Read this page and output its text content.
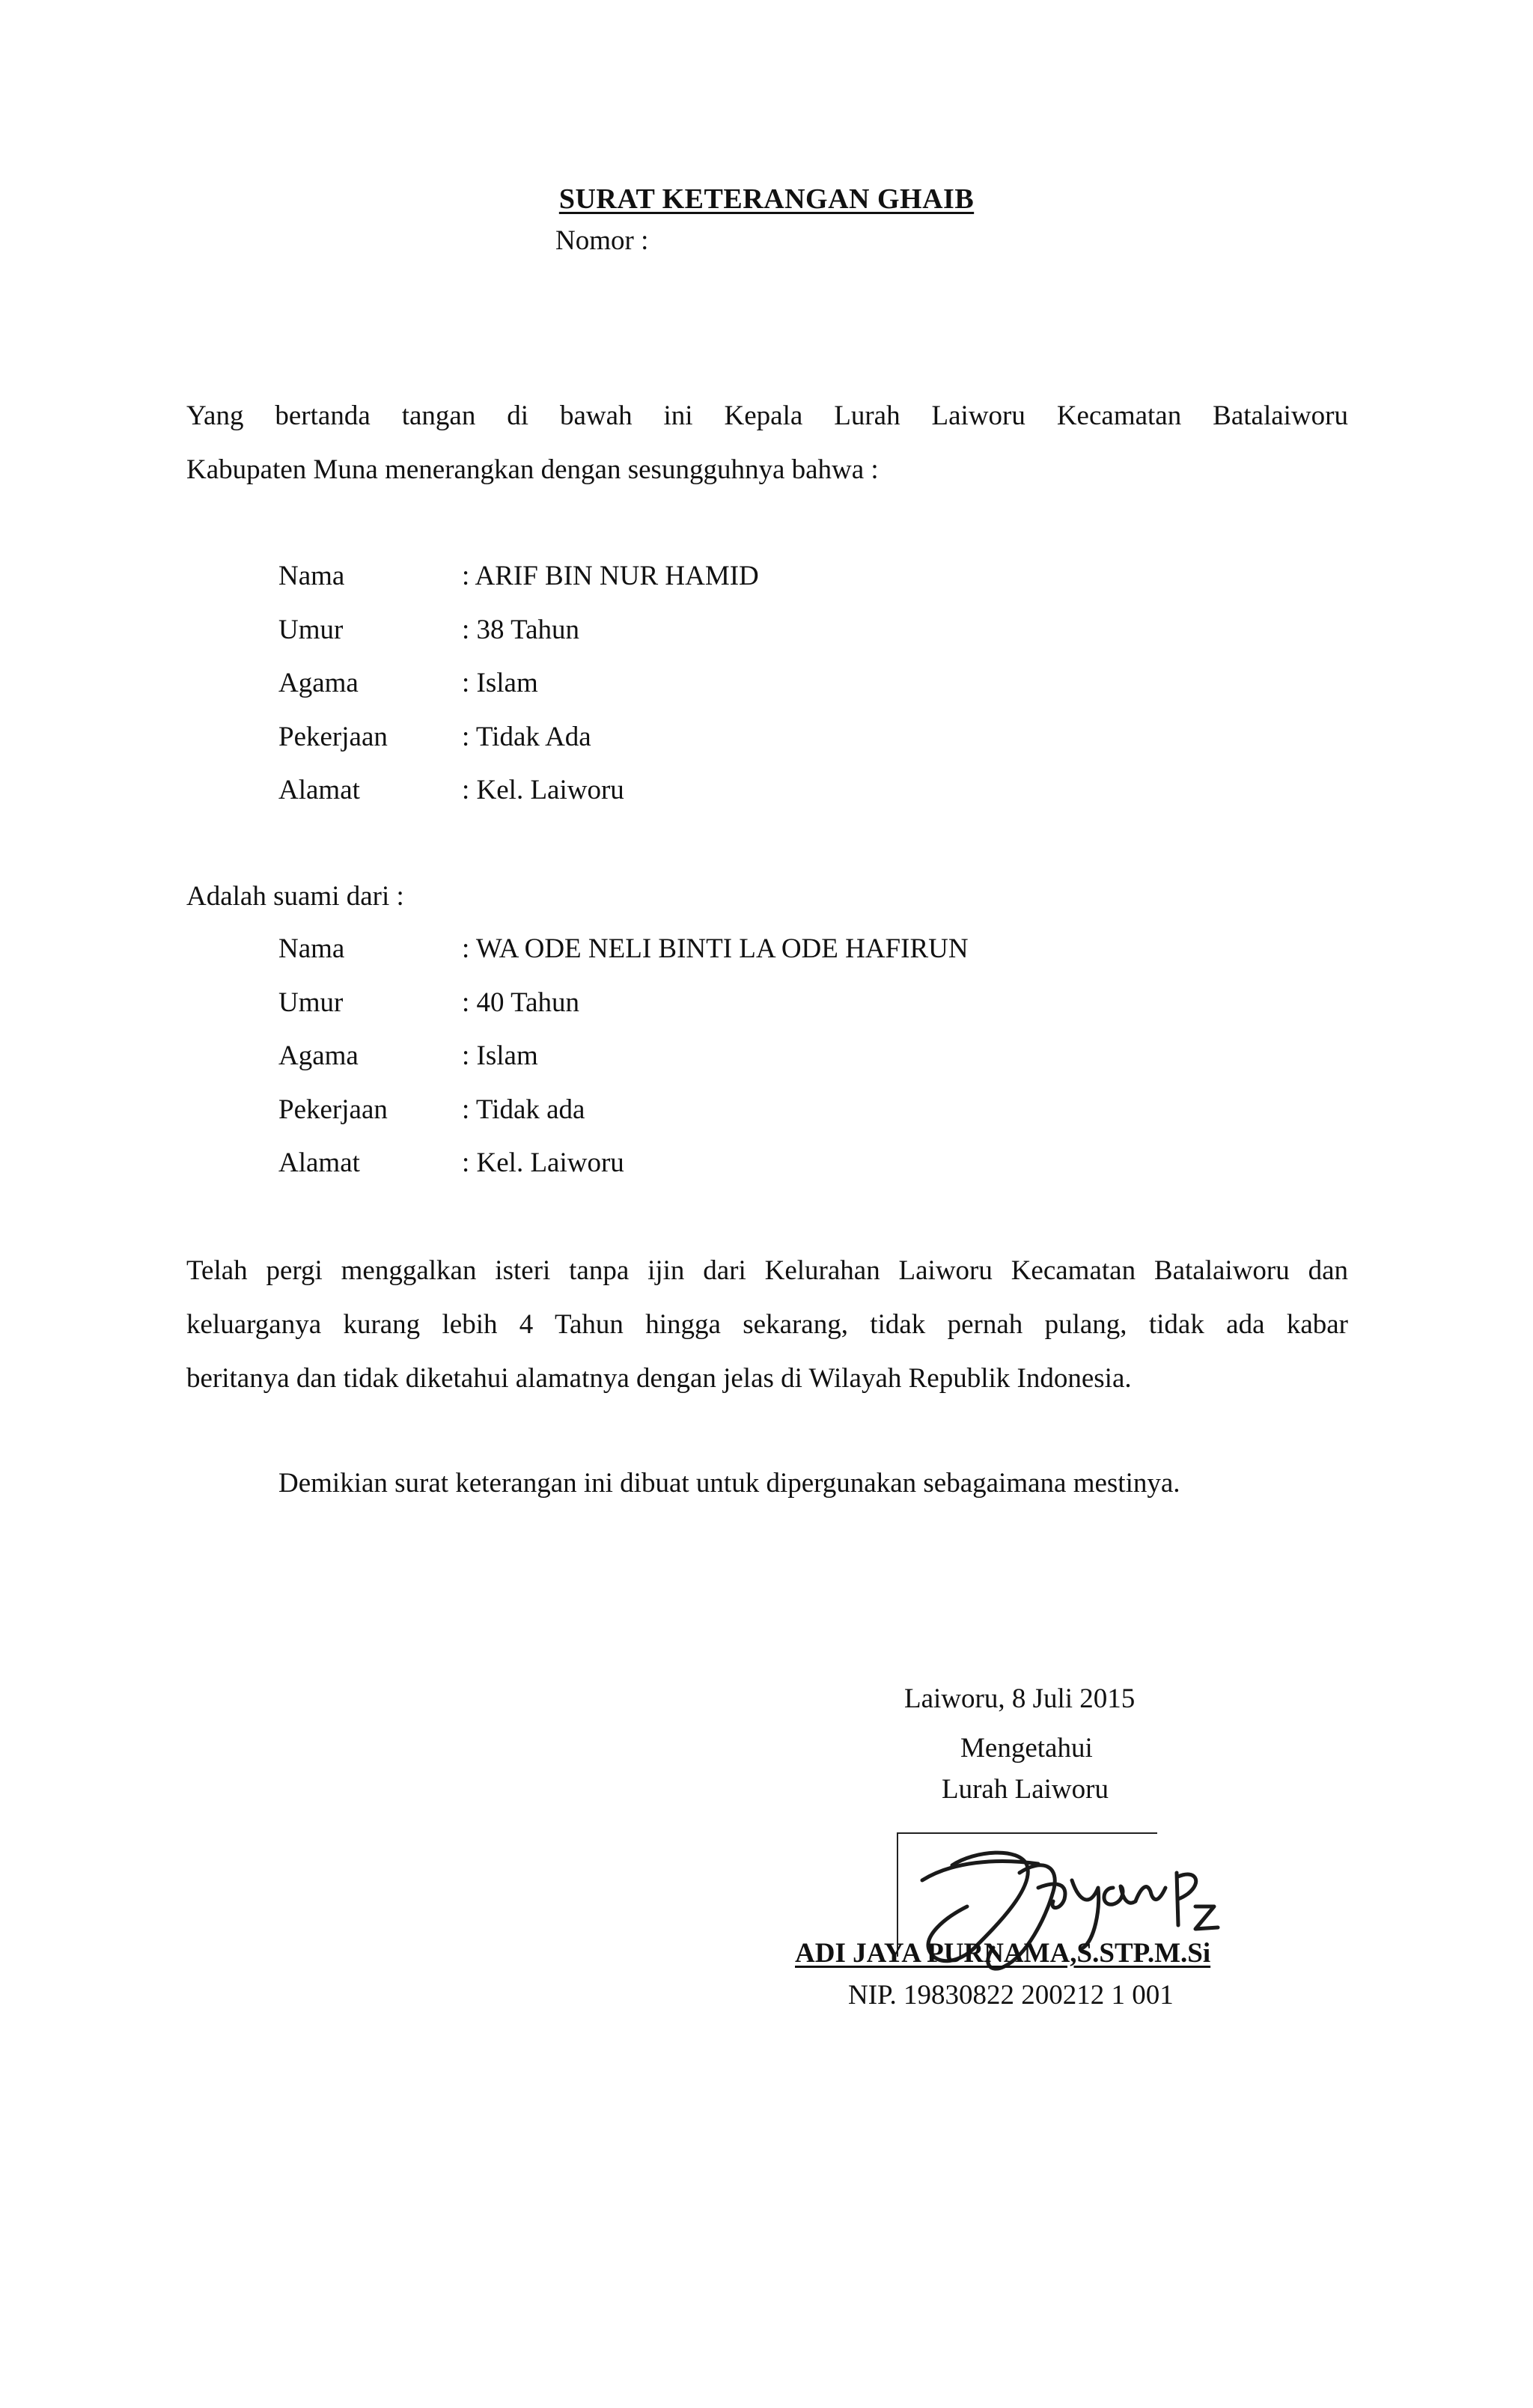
SURAT KETERANGAN GHAIB
Nomor :
Yang bertanda tangan di bawah ini Kepala Lurah Laiworu Kecamatan Batalaiworu
Kabupaten Muna menerangkan dengan sesungguhnya bahwa :
Nama	: ARIF BIN NUR HAMID
Umur	: 38 Tahun
Agama	: Islam
Pekerjaan	: Tidak Ada
Alamat	: Kel. Laiworu
Adalah suami dari :
Nama	: WA ODE NELI BINTI LA ODE HAFIRUN
Umur	: 40 Tahun
Agama	: Islam
Pekerjaan	: Tidak ada
Alamat	: Kel. Laiworu
Telah pergi menggalkan isteri tanpa ijin dari Kelurahan Laiworu Kecamatan Batalaiworu dan
keluarganya kurang lebih 4 Tahun hingga sekarang, tidak pernah pulang, tidak ada kabar
beritanya dan tidak diketahui alamatnya dengan jelas di Wilayah Republik Indonesia.
Demikian surat keterangan ini dibuat untuk dipergunakan sebagaimana mestinya.
Laiworu, 8 Juli 2015
Mengetahui
Lurah Laiworu
ADI JAYA PURNAMA,S.STP.M.Si
NIP. 19830822 200212 1 001
